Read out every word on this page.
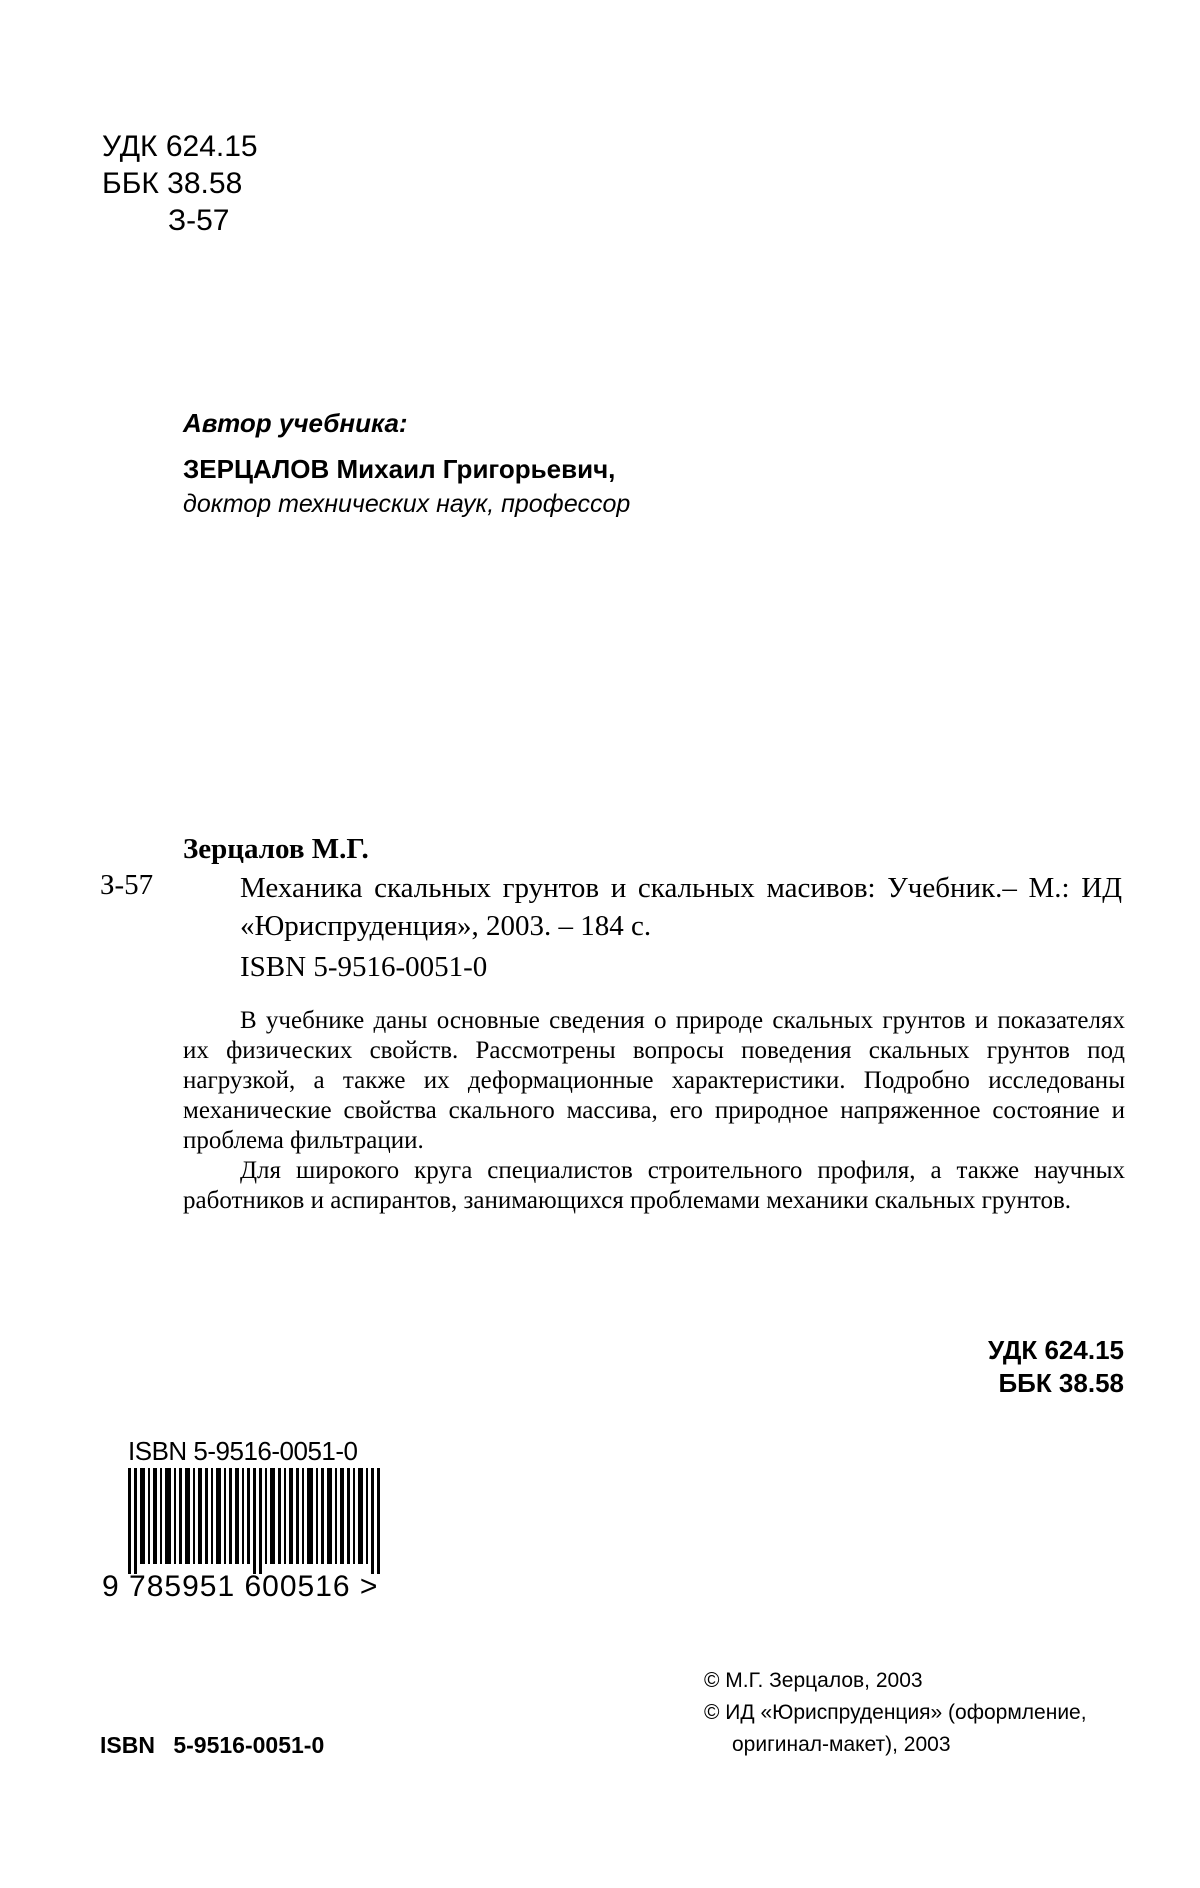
УДК 624.15
ББК 38.58
З-57
Автор учебника:
ЗЕРЦАЛОВ Михаил Григорьевич,
доктор технических наук, профессор
Зерцалов М.Г.
З-57	Механика скальных грунтов и скальных масивов: Учебник.– М.: ИД «Юриспруденция», 2003. – 184 с.
ISBN 5-9516-0051-0

В учебнике даны основные сведения о природе скальных грунтов и показателях их физических свойств. Рассмотрены вопросы поведения скальных грунтов под нагрузкой, а также их деформационные характеристики. Подробно исследованы механические свойства скального массива, его природное напряженное состояние и проблема фильтрации.

Для широкого круга специалистов строительного профиля, а также научных работников и аспирантов, занимающихся проблемами механики скальных грунтов.

УДК 624.15
ББК 38.58
ISBN 5-9516-0051-0
9 785951 600516 >
ISBN 5-9516-0051-0
© М.Г. Зерцалов, 2003
© ИД «Юриспруденция» (оформление,
оригинал-макет), 2003
